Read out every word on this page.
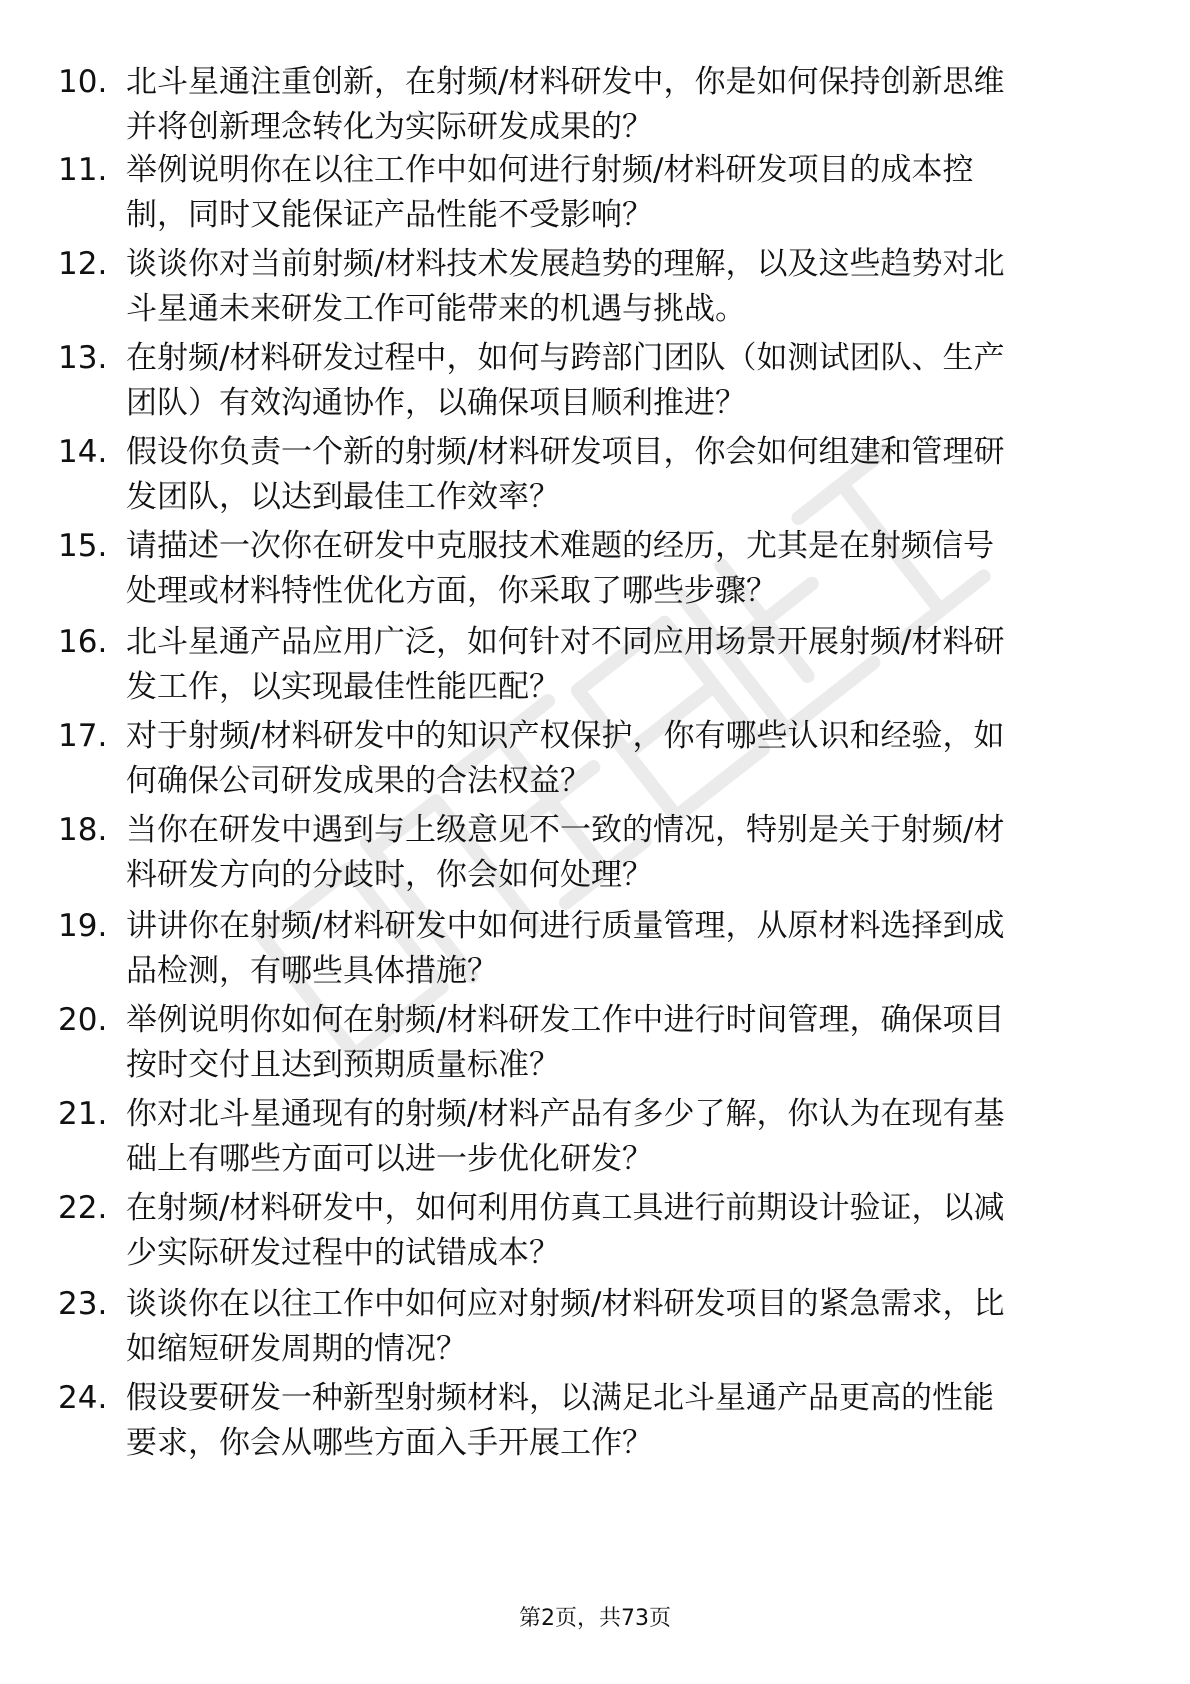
10. 北斗星通注重创新，在射频/材料研发中，你是如何保持创新思维
并将创新理念转化为实际研发成果的？
11. 举例说明你在以往工作中如何进行射频/材料研发项目的成本控
制，同时又能保证产品性能不受影响？
12. 谈谈你对当前射频/材料技术发展趋势的理解，以及这些趋势对北
斗星通未来研发工作可能带来的机遇与挑战。
13. 在射频/材料研发过程中，如何与跨部门团队（如测试团队、生产
团队）有效沟通协作，以确保项目顺利推进？
14. 假设你负责一个新的射频/材料研发项目，你会如何组建和管理研
发团队，以达到最佳工作效率？
15. 请描述一次你在研发中克服技术难题的经历，尤其是在射频信号
处理或材料特性优化方面，你采取了哪些步骤？
16. 北斗星通产品应用广泛，如何针对不同应用场景开展射频/材料研
发工作，以实现最佳性能匹配？
17. 对于射频/材料研发中的知识产权保护，你有哪些认识和经验，如
何确保公司研发成果的合法权益？
18. 当你在研发中遇到与上级意见不一致的情况，特别是关于射频/材
料研发方向的分歧时，你会如何处理？
19. 讲讲你在射频/材料研发中如何进行质量管理，从原材料选择到成
品检测，有哪些具体措施？
20. 举例说明你如何在射频/材料研发工作中进行时间管理，确保项目
按时交付且达到预期质量标准？
21. 你对北斗星通现有的射频/材料产品有多少了解，你认为在现有基
础上有哪些方面可以进一步优化研发？
22. 在射频/材料研发中，如何利用仿真工具进行前期设计验证，以减
少实际研发过程中的试错成本？
23. 谈谈你在以往工作中如何应对射频/材料研发项目的紧急需求，比
如缩短研发周期的情况？
24. 假设要研发一种新型射频材料，以满足北斗星通产品更高的性能
要求，你会从哪些方面入手开展工作？
第2页，共73页
